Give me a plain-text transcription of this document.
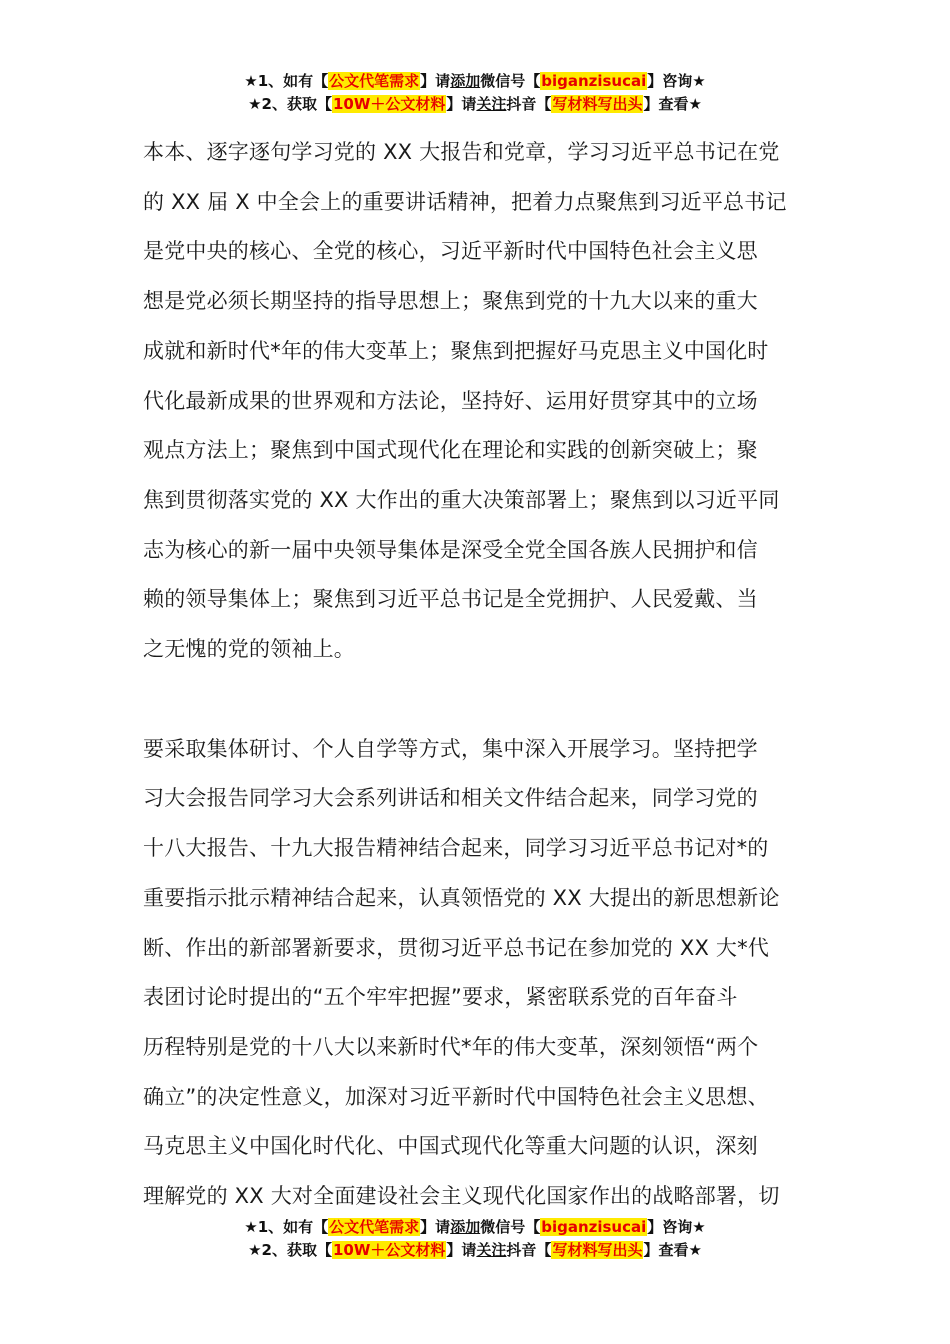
★1、如有【公文代笔需求】请添加微信号【biganzisucai】咨询★
★2、获取【10W＋公文材料】请关注抖音【写材料写出头】查看★

本本、逐字逐句学习党的 XX 大报告和党章，学习习近平总书记在党
的 XX 届 X 中全会上的重要讲话精神，把着力点聚焦到习近平总书记
是党中央的核心、全党的核心，习近平新时代中国特色社会主义思
想是党必须长期坚持的指导思想上；聚焦到党的十九大以来的重大
成就和新时代*年的伟大变革上；聚焦到把握好马克思主义中国化时
代化最新成果的世界观和方法论，坚持好、运用好贯穿其中的立场
观点方法上；聚焦到中国式现代化在理论和实践的创新突破上；聚
焦到贯彻落实党的 XX 大作出的重大决策部署上；聚焦到以习近平同
志为核心的新一届中央领导集体是深受全党全国各族人民拥护和信
赖的领导集体上；聚焦到习近平总书记是全党拥护、人民爱戴、当
之无愧的党的领袖上。

要采取集体研讨、个人自学等方式，集中深入开展学习。坚持把学
习大会报告同学习大会系列讲话和相关文件结合起来，同学习党的
十八大报告、十九大报告精神结合起来，同学习习近平总书记对*的
重要指示批示精神结合起来，认真领悟党的 XX 大提出的新思想新论
断、作出的新部署新要求，贯彻习近平总书记在参加党的 XX 大*代
表团讨论时提出的“五个牢牢把握”要求，紧密联系党的百年奋斗
历程特别是党的十八大以来新时代*年的伟大变革，深刻领悟“两个
确立”的决定性意义，加深对习近平新时代中国特色社会主义思想、
马克思主义中国化时代化、中国式现代化等重大问题的认识，深刻
理解党的 XX 大对全面建设社会主义现代化国家作出的战略部署，切

★1、如有【公文代笔需求】请添加微信号【biganzisucai】咨询★
★2、获取【10W＋公文材料】请关注抖音【写材料写出头】查看★
